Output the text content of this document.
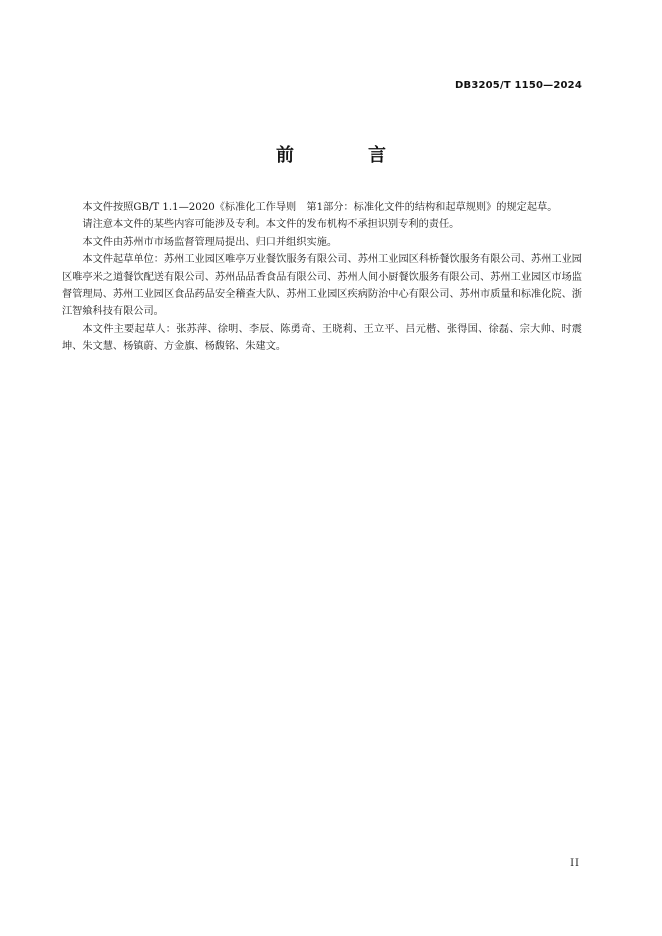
DB3205/T 1150—2024
前　言

本文件按照GB/T 1.1—2020《标准化工作导则　第1部分：标准化文件的结构和起草规则》的规定起草。

请注意本文件的某些内容可能涉及专利。本文件的发布机构不承担识别专利的责任。

本文件由苏州市市场监督管理局提出、归口并组织实施。

本文件起草单位：苏州工业园区唯亭万业餐饮服务有限公司、苏州工业园区科桥餐饮服务有限公司、苏州工业园区唯亭米之道餐饮配送有限公司、苏州品品香食品有限公司、苏州人间小厨餐饮服务有限公司、苏州工业园区市场监督管理局、苏州工业园区食品药品安全稽查大队、苏州工业园区疾病防治中心有限公司、苏州市质量和标准化院、浙江智飨科技有限公司。

本文件主要起草人：张苏萍、徐明、李辰、陈勇奇、王晓莉、王立平、吕元楷、张得国、徐磊、宗大帅、时震坤、朱文慧、杨镇蔚、方金旗、杨馥铭、朱建文。

II
